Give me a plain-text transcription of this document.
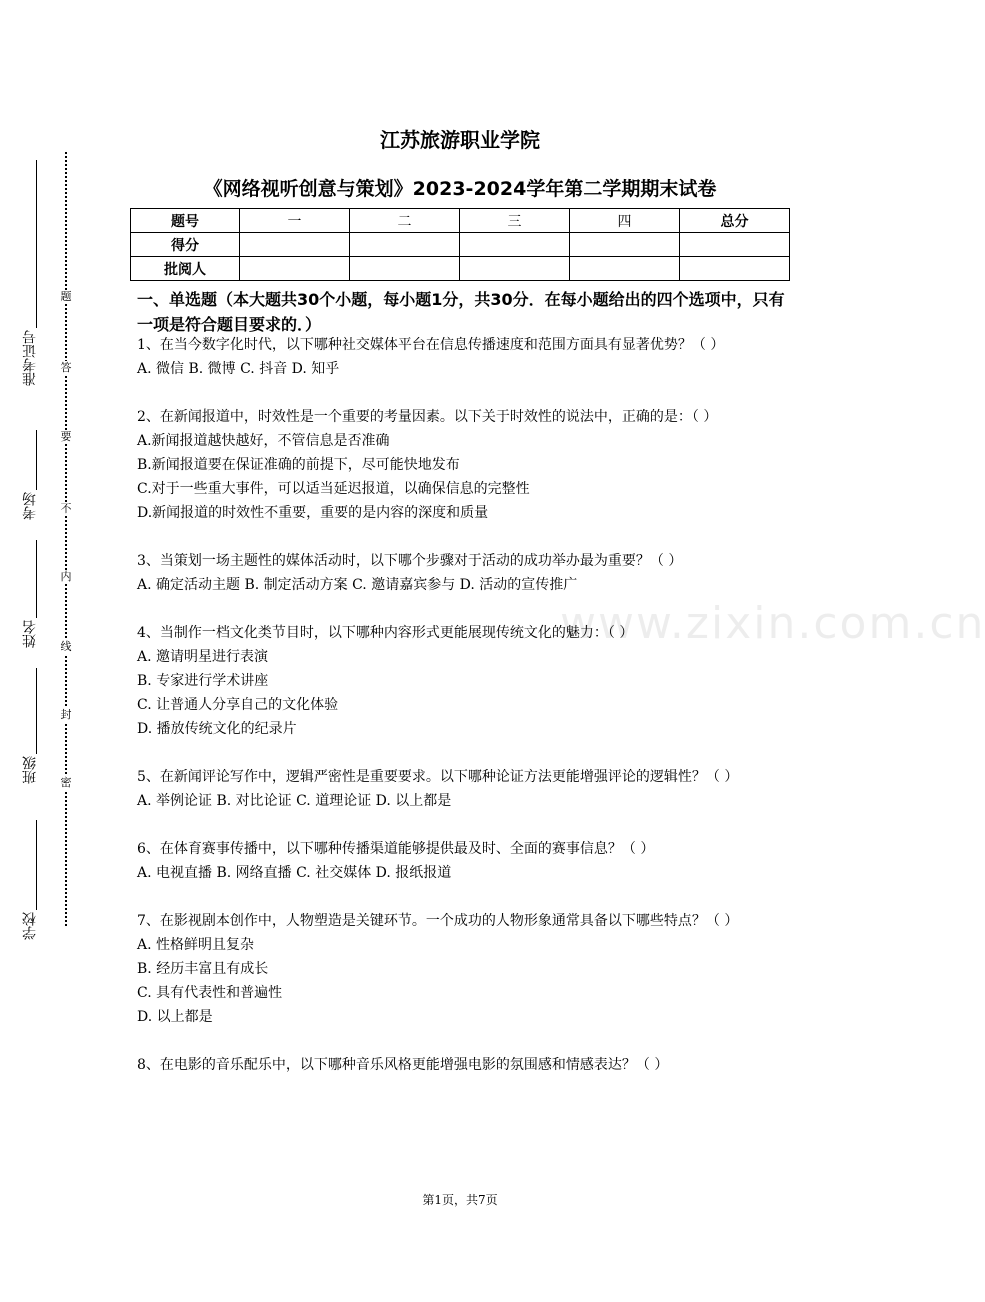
准考证号
考场
姓名
班级
学校
题
答
要
不
内
线
封
密
江苏旅游职业学院
《网络视听创意与策划》2023-2024学年第二学期期末试卷
题号	一	二	三	四	总分
得分					
批阅人					
一、单选题（本大题共30个小题，每小题1分，共30分．在每小题给出的四个选项中，只有一项是符合题目要求的．）
1、在当今数字化时代，以下哪种社交媒体平台在信息传播速度和范围方面具有显著优势？（ ）
A. 微信 B. 微博 C. 抖音 D. 知乎
2、在新闻报道中，时效性是一个重要的考量因素。以下关于时效性的说法中，正确的是：（ ）
A.新闻报道越快越好，不管信息是否准确
B.新闻报道要在保证准确的前提下，尽可能快地发布
C.对于一些重大事件，可以适当延迟报道，以确保信息的完整性
D.新闻报道的时效性不重要，重要的是内容的深度和质量
3、当策划一场主题性的媒体活动时，以下哪个步骤对于活动的成功举办最为重要？（ ）
A. 确定活动主题 B. 制定活动方案 C. 邀请嘉宾参与 D. 活动的宣传推广
4、当制作一档文化类节目时，以下哪种内容形式更能展现传统文化的魅力：（ ）
A. 邀请明星进行表演
B. 专家进行学术讲座
C. 让普通人分享自己的文化体验
D. 播放传统文化的纪录片
5、在新闻评论写作中，逻辑严密性是重要要求。以下哪种论证方法更能增强评论的逻辑性？（ ）
A. 举例论证 B. 对比论证 C. 道理论证 D. 以上都是
6、在体育赛事传播中，以下哪种传播渠道能够提供最及时、全面的赛事信息？（ ）
A. 电视直播 B. 网络直播 C. 社交媒体 D. 报纸报道
7、在影视剧本创作中，人物塑造是关键环节。一个成功的人物形象通常具备以下哪些特点？（ ）
A. 性格鲜明且复杂
B. 经历丰富且有成长
C. 具有代表性和普遍性
D. 以上都是
8、在电影的音乐配乐中，以下哪种音乐风格更能增强电影的氛围感和情感表达？（ ）
www.zixin.com.cn
第1页，共7页
